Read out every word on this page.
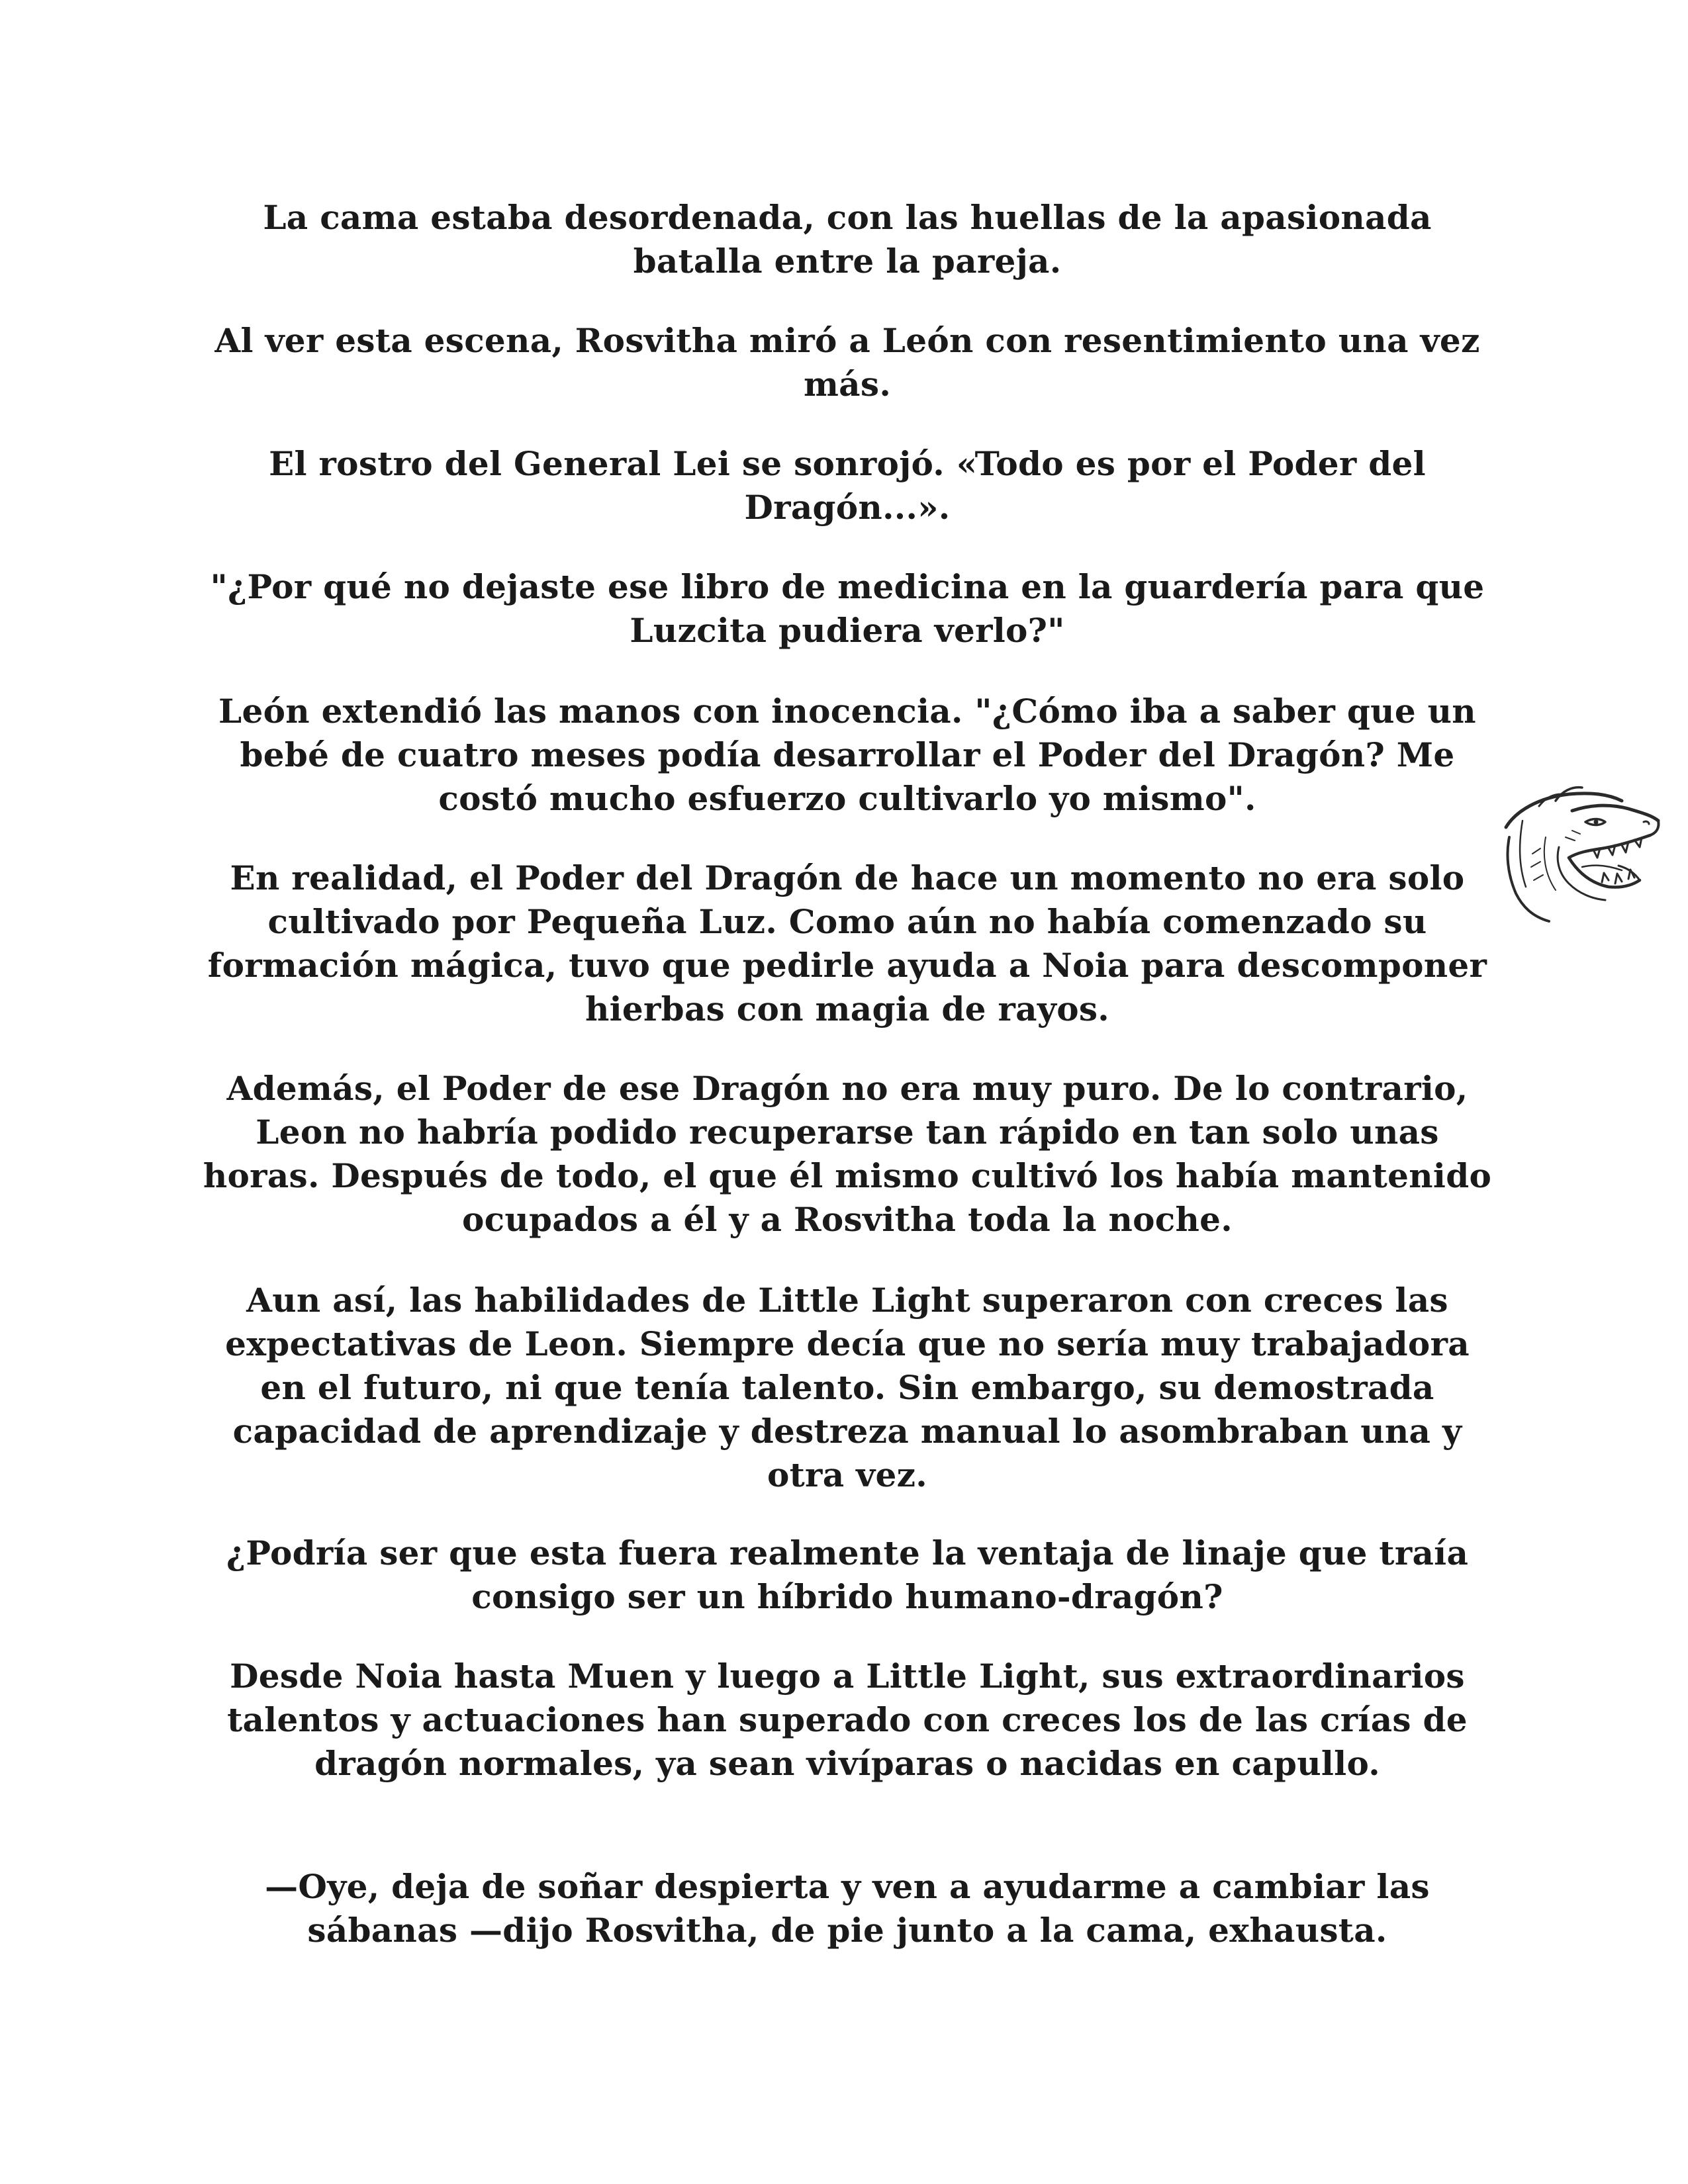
La cama estaba desordenada, con las huellas de la apasionada batalla entre la pareja.

Al ver esta escena, Rosvitha miró a León con resentimiento una vez más.

El rostro del General Lei se sonrojó. «Todo es por el Poder del Dragón...».

"¿Por qué no dejaste ese libro de medicina en la guardería para que Luzcita pudiera verlo?"

León extendió las manos con inocencia. "¿Cómo iba a saber que un bebé de cuatro meses podía desarrollar el Poder del Dragón? Me costó mucho esfuerzo cultivarlo yo mismo".

En realidad, el Poder del Dragón de hace un momento no era solo cultivado por Pequeña Luz. Como aún no había comenzado su formación mágica, tuvo que pedirle ayuda a Noia para descomponer hierbas con magia de rayos.

Además, el Poder de ese Dragón no era muy puro. De lo contrario, Leon no habría podido recuperarse tan rápido en tan solo unas horas. Después de todo, el que él mismo cultivó los había mantenido ocupados a él y a Rosvitha toda la noche.

Aun así, las habilidades de Little Light superaron con creces las expectativas de Leon. Siempre decía que no sería muy trabajadora en el futuro, ni que tenía talento. Sin embargo, su demostrada capacidad de aprendizaje y destreza manual lo asombraban una y otra vez.

¿Podría ser que esta fuera realmente la ventaja de linaje que traía consigo ser un híbrido humano-dragón?

Desde Noia hasta Muen y luego a Little Light, sus extraordinarios talentos y actuaciones han superado con creces los de las crías de dragón normales, ya sean vivíparas o nacidas en capullo.

—Oye, deja de soñar despierta y ven a ayudarme a cambiar las sábanas —dijo Rosvitha, de pie junto a la cama, exhausta.
